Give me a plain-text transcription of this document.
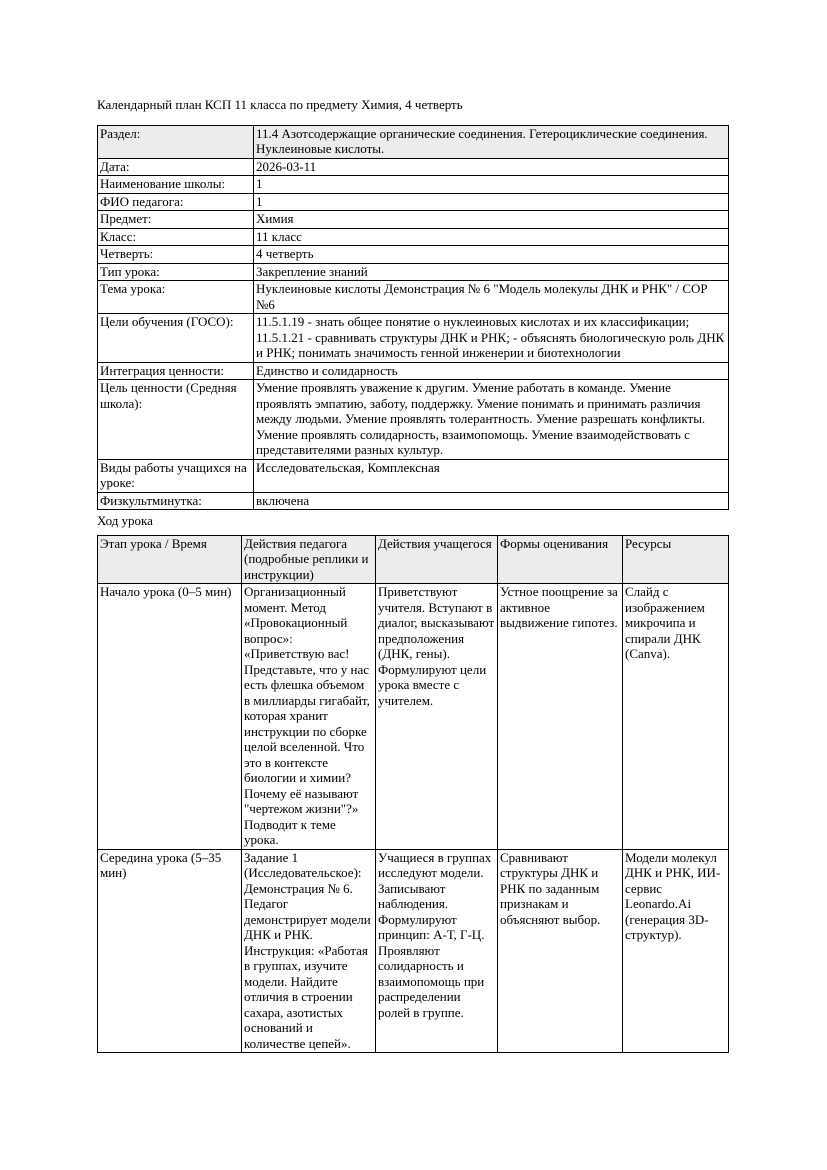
Календарный план КСП 11 класса по предмету Химия, 4 четверть

Раздел:	11.4 Азотсодержащие органические соединения. Гетероциклические соединения. Нуклеиновые кислоты.
Дата:	2026-03-11
Наименование школы:	1
ФИО педагога:	1
Предмет:	Химия
Класс:	11 класс
Четверть:	4 четверть
Тип урока:	Закрепление знаний
Тема урока:	Нуклеиновые кислоты Демонстрация № 6 "Модель молекулы ДНК и РНК" / СОР №6
Цели обучения (ГОСО):	11.5.1.19 - знать общее понятие о нуклеиновых кислотах и их классификации; 11.5.1.21 - сравнивать структуры ДНК и РНК; - объяснять биологическую роль ДНК и РНК; понимать значимость генной инженерии и биотехнологии
Интеграция ценности:	Единство и солидарность
Цель ценности (Средняя школа):	Умение проявлять уважение к другим. Умение работать в команде. Умение проявлять эмпатию, заботу, поддержку. Умение понимать и принимать различия между людьми. Умение проявлять толерантность. Умение разрешать конфликты. Умение проявлять солидарность, взаимопомощь. Умение взаимодействовать с представителями разных культур.
Виды работы учащихся на уроке:	Исследовательская, Комплексная
Физкультминутка:	включена

Ход урока

Этап урока / Время	Действия педагога (подробные реплики и инструкции)	Действия учащегося	Формы оценивания	Ресурсы
Начало урока (0–5 мин)	Организационный момент. Метод «Провокационный вопрос»: «Приветствую вас! Представьте, что у нас есть флешка объемом в миллиарды гигабайт, которая хранит инструкции по сборке целой вселенной. Что это в контексте биологии и химии? Почему её называют "чертежом жизни"?» Подводит к теме урока.	Приветствуют учителя. Вступают в диалог, высказывают предположения (ДНК, гены). Формулируют цели урока вместе с учителем.	Устное поощрение за активное выдвижение гипотез.	Слайд с изображением микрочипа и спирали ДНК (Canva).
Середина урока (5–35 мин)	Задание 1 (Исследовательское): Демонстрация № 6. Педагог демонстрирует модели ДНК и РНК. Инструкция: «Работая в группах, изучите модели. Найдите отличия в строении сахара, азотистых оснований и количестве цепей».	Учащиеся в группах исследуют модели. Записывают наблюдения. Формулируют принцип: А-Т, Г-Ц. Проявляют солидарность и взаимопомощь при распределении ролей в группе.	Сравнивают структуры ДНК и РНК по заданным признакам и объясняют выбор.	Модели молекул ДНК и РНК, ИИ-сервис Leonardo.Ai (генерация 3D-структур).
